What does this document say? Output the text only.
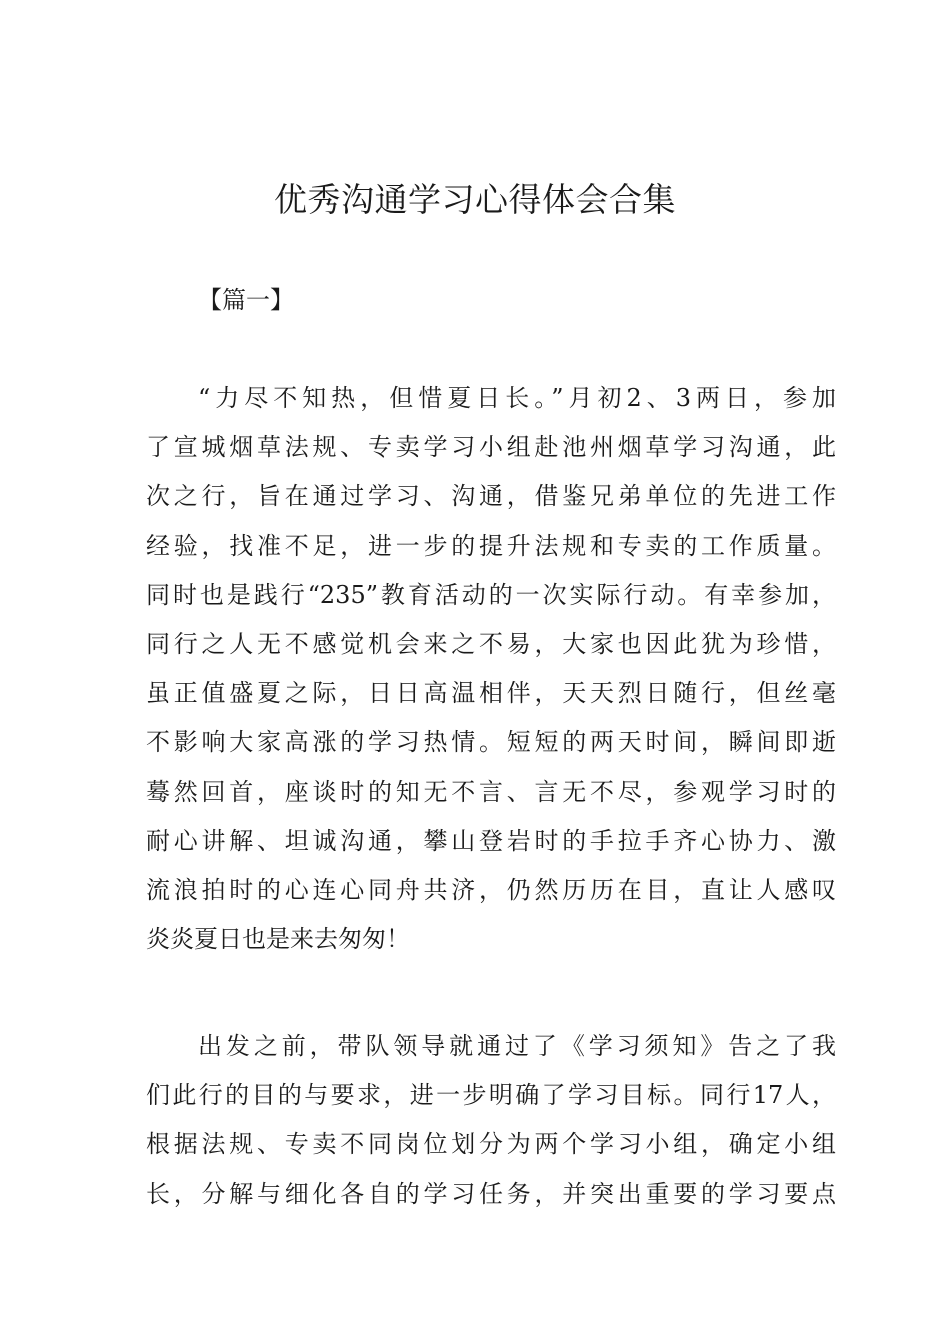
优秀沟通学习心得体会合集
【篇一】
“力尽不知热，但惜夏日长。”月初2、3两日，参加
了宣城烟草法规、专卖学习小组赴池州烟草学习沟通，此
次之行，旨在通过学习、沟通，借鉴兄弟单位的先进工作
经验，找准不足，进一步的提升法规和专卖的工作质量。
同时也是践行“235”教育活动的一次实际行动。有幸参加，
同行之人无不感觉机会来之不易，大家也因此犹为珍惜，
虽正值盛夏之际，日日高温相伴，天天烈日随行，但丝毫
不影响大家高涨的学习热情。短短的两天时间，瞬间即逝
蓦然回首，座谈时的知无不言、言无不尽，参观学习时的
耐心讲解、坦诚沟通，攀山登岩时的手拉手齐心协力、激
流浪拍时的心连心同舟共济，仍然历历在目，直让人感叹
炎炎夏日也是来去匆匆！
出发之前，带队领导就通过了《学习须知》告之了我
们此行的目的与要求，进一步明确了学习目标。同行17人，
根据法规、专卖不同岗位划分为两个学习小组，确定小组
长，分解与细化各自的学习任务，并突出重要的学习要点
